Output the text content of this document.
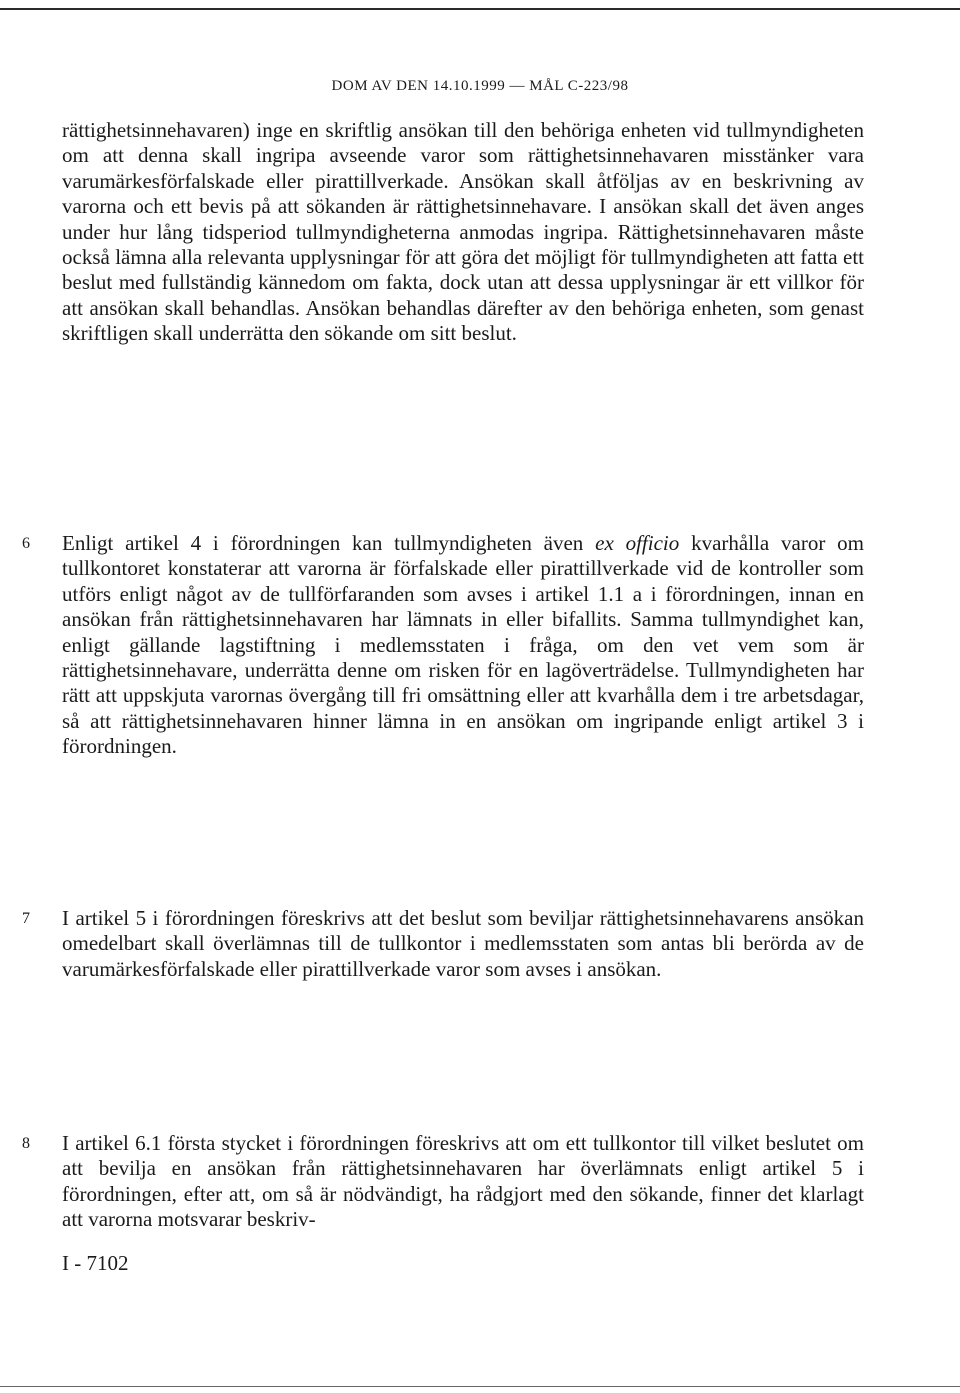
DOM AV DEN 14.10.1999 — MÅL C-223/98

rättighetsinnehavaren) inge en skriftlig ansökan till den behöriga enheten vid tullmyndigheten om att denna skall ingripa avseende varor som rättighetsinnehavaren misstänker vara varumärkesförfalskade eller pirattillverkade. Ansökan skall åtföljas av en beskrivning av varorna och ett bevis på att sökanden är rättighetsinnehavare. I ansökan skall det även anges under hur lång tidsperiod tullmyndigheterna anmodas ingripa. Rättighetsinnehavaren måste också lämna alla relevanta upplysningar för att göra det möjligt för tullmyndigheten att fatta ett beslut med fullständig kännedom om fakta, dock utan att dessa upplysningar är ett villkor för att ansökan skall behandlas. Ansökan behandlas därefter av den behöriga enheten, som genast skriftligen skall underrätta den sökande om sitt beslut.

6 Enligt artikel 4 i förordningen kan tullmyndigheten även ex officio kvarhålla varor om tullkontoret konstaterar att varorna är förfalskade eller pirattillverkade vid de kontroller som utförs enligt något av de tullförfaranden som avses i artikel 1.1 a i förordningen, innan en ansökan från rättighetsinnehavaren har lämnats in eller bifallits. Samma tullmyndighet kan, enligt gällande lagstiftning i medlemsstaten i fråga, om den vet vem som är rättighetsinnehavare, underrätta denne om risken för en lagöverträdelse. Tullmyndigheten har rätt att uppskjuta varornas övergång till fri omsättning eller att kvarhålla dem i tre arbetsdagar, så att rättighetsinnehavaren hinner lämna in en ansökan om ingripande enligt artikel 3 i förordningen.

7 I artikel 5 i förordningen föreskrivs att det beslut som beviljar rättighetsinnehavarens ansökan omedelbart skall överlämnas till de tullkontor i medlemsstaten som antas bli berörda av de varumärkesförfalskade eller pirattillverkade varor som avses i ansökan.

8 I artikel 6.1 första stycket i förordningen föreskrivs att om ett tullkontor till vilket beslutet om att bevilja en ansökan från rättighetsinnehavaren har överlämnats enligt artikel 5 i förordningen, efter att, om så är nödvändigt, ha rådgjort med den sökande, finner det klarlagt att varorna motsvarar beskriv-

I - 7102
